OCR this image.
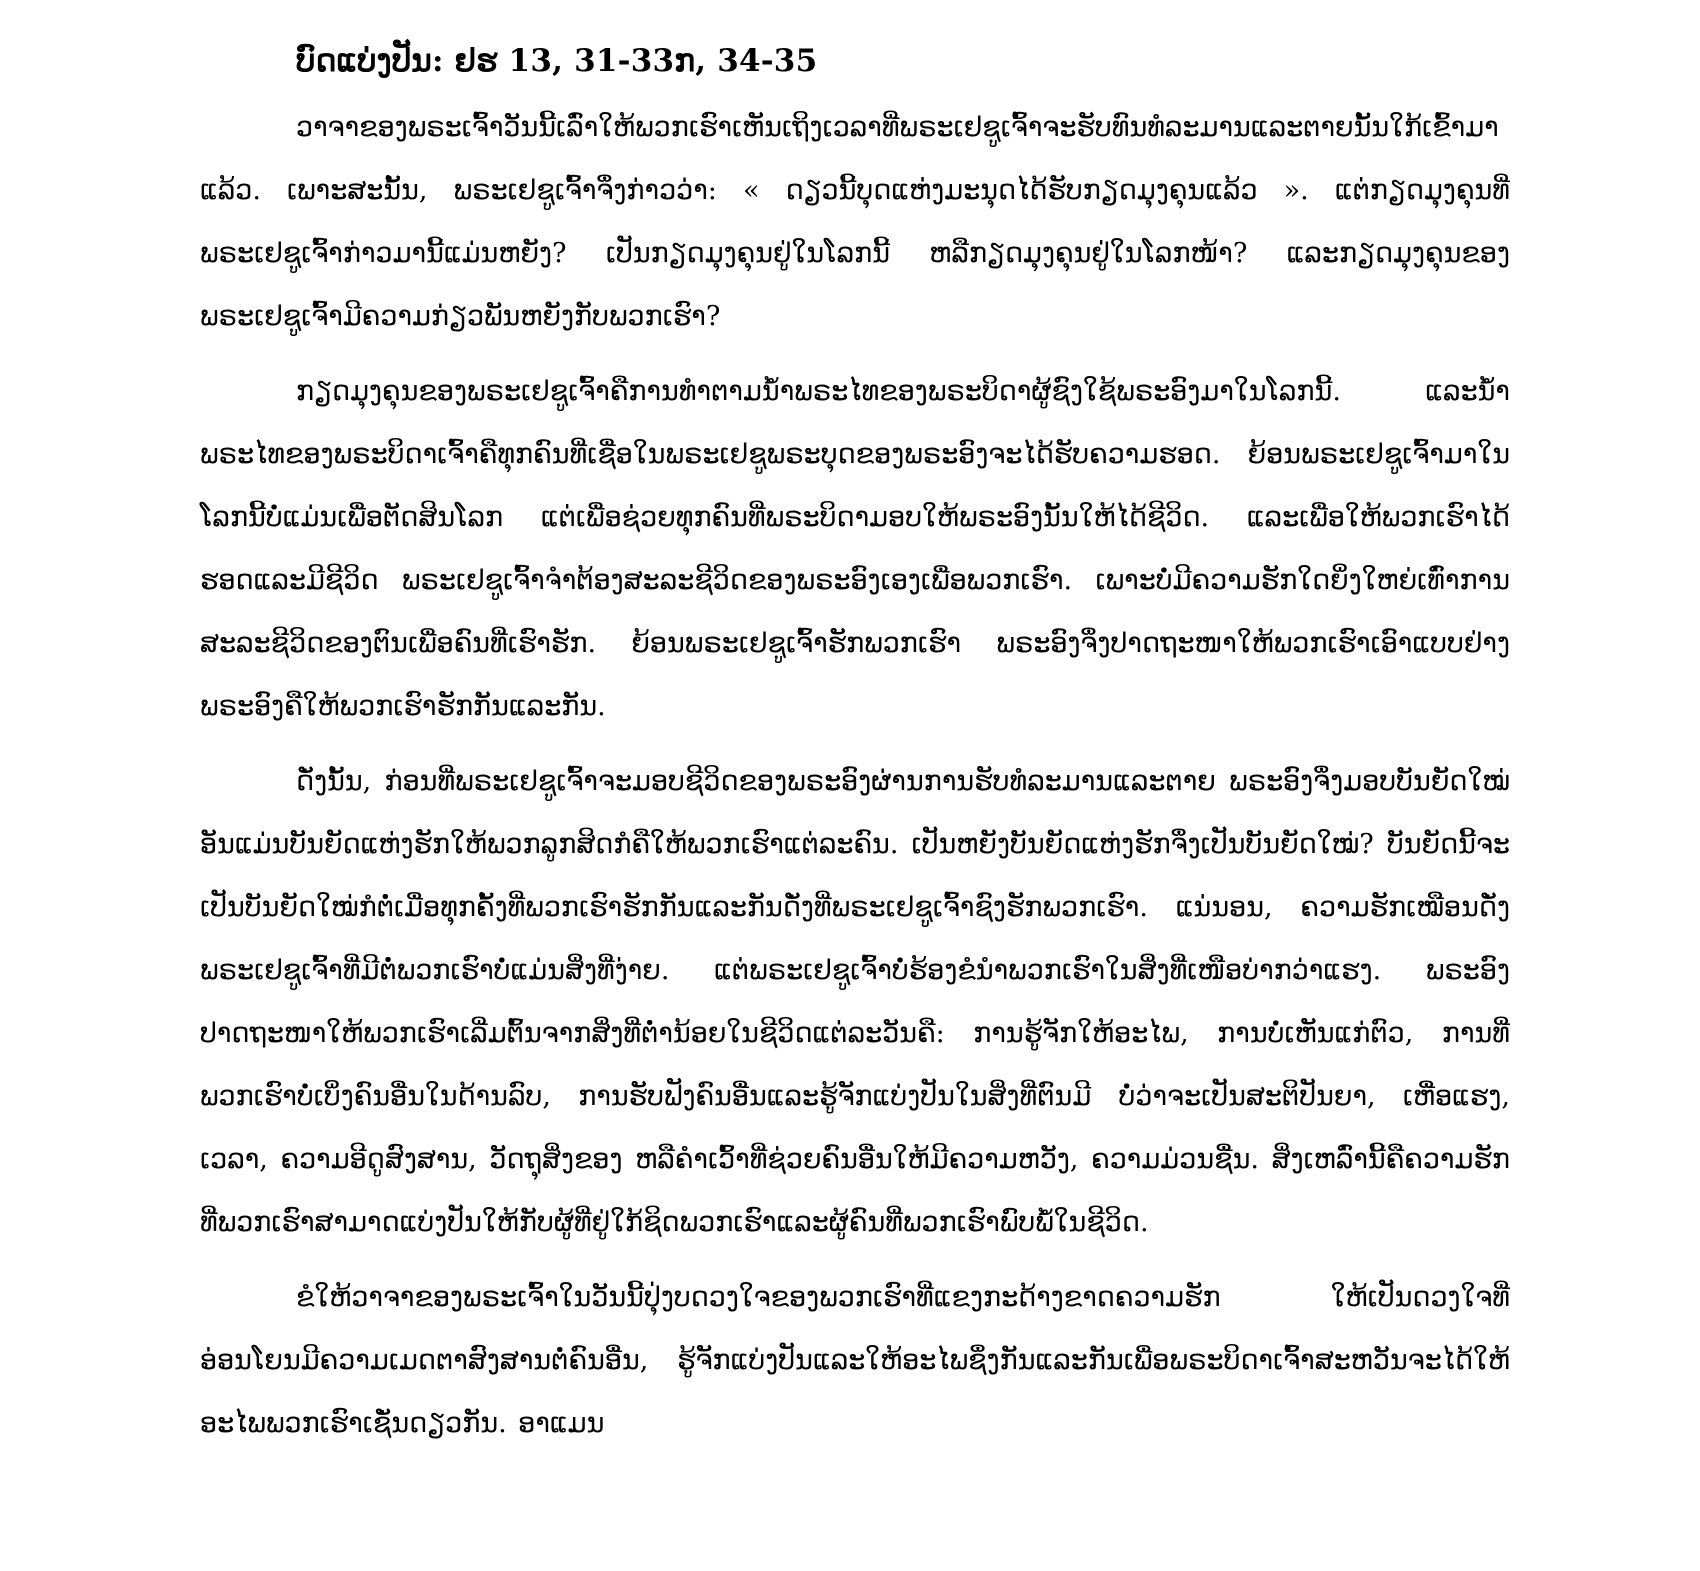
ບົດແບ່ງປັນ: ຢຮ 13, 31-33ກ, 34-35

ວາຈາຂອງພຣະເຈົ້າວັນນີ້ເລົ່າໃຫ້ພວກເຮົາເຫັນເຖິງເວລາທີ່ພຣະເຢຊູເຈົ້າຈະຮັບທົນທໍລະມານແລະຕາຍນັ້ນໃກ້ເຂົ້າມາແລ້ວ. ເພາະສະນັ້ນ, ພຣະເຢຊູເຈົ້າຈຶ່ງກ່າວວ່າ: « ດຽວນີ້ບຸດແຫ່ງມະນຸດໄດ້ຮັບກຽດມຸງຄຸນແລ້ວ ». ແຕ່ກຽດມຸງຄຸນທີ່ພຣະເຢຊູເຈົ້າກ່າວມານີ້ແມ່ນຫຍັງ? ເປັນກຽດມຸງຄຸນຢູ່ໃນໂລກນີ້ ຫລືກຽດມຸງຄຸນຢູ່ໃນໂລກໜ້າ? ແລະກຽດມຸງຄຸນຂອງພຣະເຢຊູເຈົ້າມີຄວາມກ່ຽວພັນຫຍັງກັບພວກເຮົາ?

ກຽດມຸງຄຸນຂອງພຣະເຢຊູເຈົ້າຄືການທຳຕາມນໍ້າພຣະໄທຂອງພຣະບິດາຜູ້ຊົງໃຊ້ພຣະອົງມາໃນໂລກນີ້. ແລະນໍ້າພຣະໄທຂອງພຣະບິດາເຈົ້າຄືທຸກຄົນທີ່ເຊື່ອໃນພຣະເຢຊູພຣະບຸດຂອງພຣະອົງຈະໄດ້ຮັບຄວາມຮອດ. ຍ້ອນພຣະເຢຊູເຈົ້າມາໃນໂລກນີ້ບໍ່ແມ່ນເພື່ອຕັດສິນໂລກ ແຕ່ເພື່ອຊ່ວຍທຸກຄົນທີ່ພຣະບິດາມອບໃຫ້ພຣະອົງນັ້ນໃຫ້ໄດ້ຊີວິດ. ແລະເພື່ອໃຫ້ພວກເຮົາໄດ້ຮອດແລະມີຊີວິດ ພຣະເຢຊູເຈົ້າຈຳຕ້ອງສະລະຊີວິດຂອງພຣະອົງເອງເພື່ອພວກເຮົາ. ເພາະບໍ່ມີຄວາມຮັກໃດຍິ່ງໃຫຍ່ເທົ່າການສະລະຊີວິດຂອງຕົນເພື່ອຄົນທີ່ເຮົາຮັກ. ຍ້ອນພຣະເຢຊູເຈົ້າຮັກພວກເຮົາ ພຣະອົງຈຶ່ງປາດຖະໜາໃຫ້ພວກເຮົາເອົາແບບຢ່າງພຣະອົງຄືໃຫ້ພວກເຮົາຮັກກັນແລະກັນ.

ດັ່ງນັ້ນ, ກ່ອນທີ່ພຣະເຢຊູເຈົ້າຈະມອບຊີວິດຂອງພຣະອົງຜ່ານການຮັບທໍລະມານແລະຕາຍ ພຣະອົງຈຶ່ງມອບບັນຍັດໃໝ່ອັນແມ່ນບັນຍັດແຫ່ງຮັກໃຫ້ພວກລູກສິດກໍຄືໃຫ້ພວກເຮົາແຕ່ລະຄົນ. ເປັນຫຍັງບັນຍັດແຫ່ງຮັກຈຶ່ງເປັນບັນຍັດໃໝ່? ບັນຍັດນີ້ຈະເປັນບັນຍັດໃໝ່ກໍຕໍ່ເມື່ອທຸກຄັ້ງທີ່ພວກເຮົາຮັກກັນແລະກັນດັ່ງທີ່ພຣະເຢຊູເຈົ້າຊົງຮັກພວກເຮົາ. ແນ່ນອນ, ຄວາມຮັກເໝືອນດັ່ງພຣະເຢຊູເຈົ້າທີ່ມີຕໍ່ພວກເຮົາບໍ່ແມ່ນສິ່ງທີ່ງ່າຍ. ແຕ່ພຣະເຢຊູເຈົ້າບໍ່ຮ້ອງຂໍນຳພວກເຮົາໃນສິ່ງທີ່ເໜືອບ່າກວ່າແຮງ. ພຣະອົງປາດຖະໜາໃຫ້ພວກເຮົາເລີ່ມຕົ້ນຈາກສິ່ງທີ່ຕໍ່ານ້ອຍໃນຊີວິດແຕ່ລະວັນຄື: ການຮູ້ຈັກໃຫ້ອະໄພ, ການບໍ່ເຫັນແກ່ຕົວ, ການທີ່ພວກເຮົາບໍ່ເບິ່ງຄົນອື່ນໃນດ້ານລົບ, ການຮັບຟັງຄົນອື່ນແລະຮູ້ຈັກແບ່ງປັນໃນສິ່ງທີ່ຕົນມີ ບໍ່ວ່າຈະເປັນສະຕິປັນຍາ, ເຫື່ອແຮງ, ເວລາ, ຄວາມອີດູສົງສານ, ວັດຖຸສິ່ງຂອງ ຫລືຄໍາເວົ້າທີ່ຊ່ວຍຄົນອື່ນໃຫ້ມີຄວາມຫວັງ, ຄວາມມ່ວນຊື່ນ. ສິ່ງເຫລົ່ານີ້ຄືຄວາມຮັກທີ່ພວກເຮົາສາມາດແບ່ງປັນໃຫ້ກັບຜູ້ທີ່ຢູ່ໃກ້ຊິດພວກເຮົາແລະຜູ້ຄົນທີ່ພວກເຮົາພົບພໍ້ໃນຊີວິດ.

ຂໍໃຫ້ວາຈາຂອງພຣະເຈົ້າໃນວັນນີ້ປຸ່ງບດວງໃຈຂອງພວກເຮົາທີ່ແຂງກະດ້າງຂາດຄວາມຮັກ ໃຫ້ເປັນດວງໃຈທີ່ອ່ອນໂຍນມີຄວາມເມດຕາສົງສານຕໍ່ຄົນອື່ນ, ຮູ້ຈັກແບ່ງປັນແລະໃຫ້ອະໄພຊຶ່ງກັນແລະກັນເພື່ອພຣະບິດາເຈົ້າສະຫວັນຈະໄດ້ໃຫ້ອະໄພພວກເຮົາເຊັ່ນດຽວກັນ. ອາແມນ
